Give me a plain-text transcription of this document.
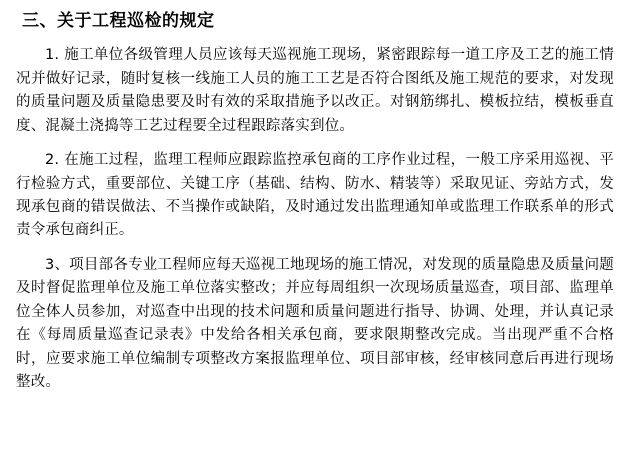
三、关于工程巡检的规定

1. 施工单位各级管理人员应该每天巡视施工现场，紧密跟踪每一道工序及工艺的施工情况并做好记录，随时复核一线施工人员的施工工艺是否符合图纸及施工规范的要求，对发现的质量问题及质量隐患要及时有效的采取措施予以改正。对钢筋绑扎、模板拉结，模板垂直度、混凝土浇捣等工艺过程要全过程跟踪落实到位。

2. 在施工过程，监理工程师应跟踪监控承包商的工序作业过程，一般工序采用巡视、平行检验方式，重要部位、关键工序（基础、结构、防水、精装等）采取见证、旁站方式，发现承包商的错误做法、不当操作或缺陷，及时通过发出监理通知单或监理工作联系单的形式责令承包商纠正。

3、项目部各专业工程师应每天巡视工地现场的施工情况，对发现的质量隐患及质量问题及时督促监理单位及施工单位落实整改；并应每周组织一次现场质量巡查，项目部、监理单位全体人员参加，对巡查中出现的技术问题和质量问题进行指导、协调、处理，并认真记录在《每周质量巡查记录表》中发给各相关承包商，要求限期整改完成。当出现严重不合格时，应要求施工单位编制专项整改方案报监理单位、项目部审核，经审核同意后再进行现场整改。
